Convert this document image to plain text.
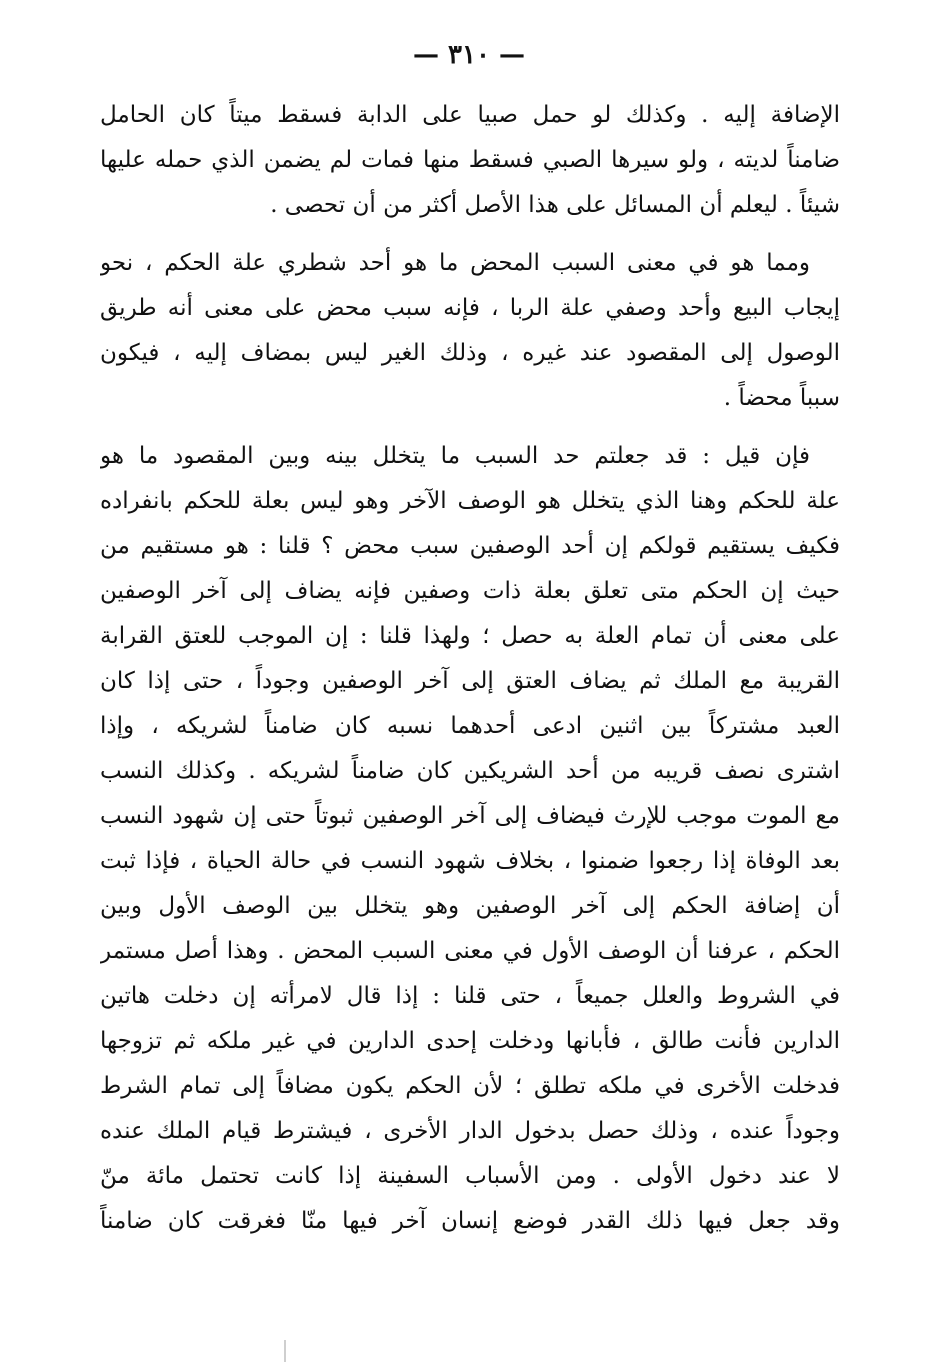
— ٣١٠ —
الإضافة إليه . وكذلك لو حمل صبيا على الدابة فسقط ميتاً كان الحامل
ضامناً لديته ، ولو سيرها الصبي فسقط منها فمات لم يضمن الذي حمله عليها
شيئاً . ليعلم أن المسائل على هذا الأصل أكثر من أن تحصى .
ومما هو في معنى السبب المحض ما هو أحد شطري علة الحكم ، نحو
إيجاب البيع وأحد وصفي علة الربا ، فإنه سبب محض على معنى أنه طريق
الوصول إلى المقصود عند غيره ، وذلك الغير ليس بمضاف إليه ، فيكون
سبباً محضاً .
فإن قيل : قد جعلتم حد السبب ما يتخلل بينه وبين المقصود ما هو
علة للحكم وهنا الذي يتخلل هو الوصف الآخر وهو ليس بعلة للحكم بانفراده
فكيف يستقيم قولكم إن أحد الوصفين سبب محض ؟ قلنا : هو مستقيم من
حيث إن الحكم متى تعلق بعلة ذات وصفين فإنه يضاف إلى آخر الوصفين
على معنى أن تمام العلة به حصل ؛ ولهذا قلنا : إن الموجب للعتق القرابة
القريبة مع الملك ثم يضاف العتق إلى آخر الوصفين وجوداً ، حتى إذا كان
العبد مشتركاً بين اثنين ادعى أحدهما نسبه كان ضامناً لشريكه ، وإذا
اشترى نصف قريبه من أحد الشريكين كان ضامناً لشريكه . وكذلك النسب
مع الموت موجب للإرث فيضاف إلى آخر الوصفين ثبوتاً حتى إن شهود النسب
بعد الوفاة إذا رجعوا ضمنوا ، بخلاف شهود النسب في حالة الحياة ، فإذا ثبت
أن إضافة الحكم إلى آخر الوصفين وهو يتخلل بين الوصف الأول وبين
الحكم ، عرفنا أن الوصف الأول في معنى السبب المحض . وهذا أصل مستمر
في الشروط والعلل جميعاً ، حتى قلنا : إذا قال لامرأته إن دخلت هاتين
الدارين فأنت طالق ، فأبانها ودخلت إحدى الدارين في غير ملكه ثم تزوجها
فدخلت الأخرى في ملكه تطلق ؛ لأن الحكم يكون مضافاً إلى تمام الشرط
وجوداً عنده ، وذلك حصل بدخول الدار الأخرى ، فيشترط قيام الملك عنده
لا عند دخول الأولى . ومن الأسباب السفينة إذا كانت تحتمل مائة منّ
وقد جعل فيها ذلك القدر فوضع إنسان آخر فيها منّا فغرقت كان ضامناً
